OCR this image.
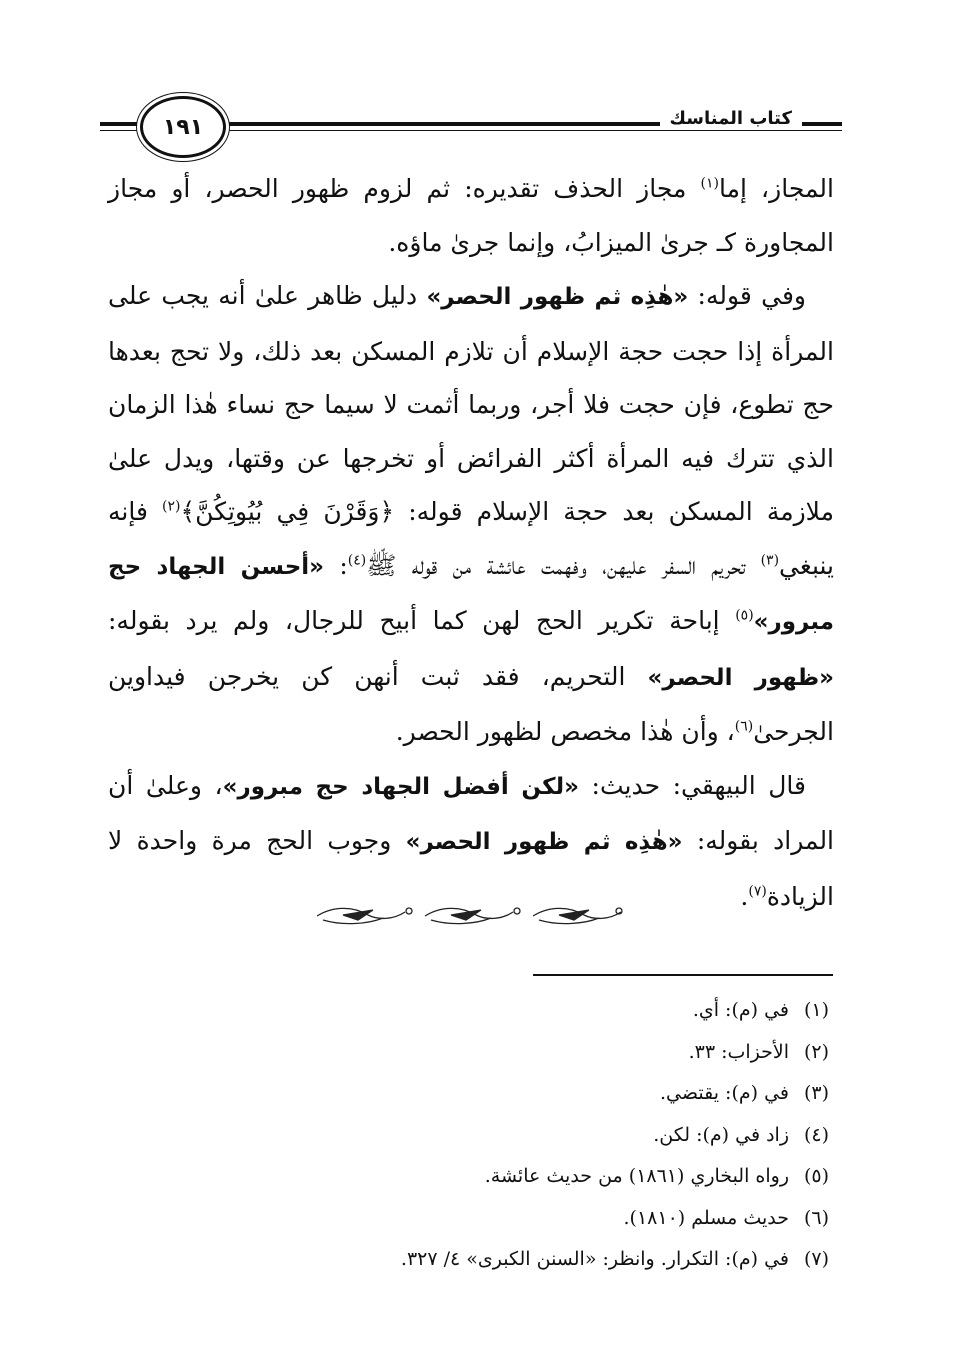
كتاب المناسك
١٩١

المجاز، إما$^{(١)}$ مجاز الحذف تقديره: ثم لزوم ظهور الحصر، أو مجاز المجاورة كـ جرىٰ الميزابُ، وإنما جرىٰ ماؤه.

وفي قوله: «هٰذِه ثم ظهور الحصر» دليل ظاهر علىٰ أنه يجب على المرأة إذا حجت حجة الإسلام أن تلازم المسكن بعد ذلك، ولا تحج بعدها حج تطوع، فإن حجت فلا أجر، وربما أثمت لا سيما حج نساء هٰذا الزمان الذي تترك فيه المرأة أكثر الفرائض أو تخرجها عن وقتها، ويدل علىٰ ملازمة المسكن بعد حجة الإسلام قوله: ﴿وَقَرْنَ فِي بُيُوتِكُنَّ﴾$^{(٢)}$ فإنه ينبغي$^{(٣)}$ تحريم السفر عليهن، وفهمت عائشة من قوله ﷺ$^{(٤)}$: «أحسن الجهاد حج مبرور»$^{(٥)}$ إباحة تكرير الحج لهن كما أبيح للرجال، ولم يرد بقوله: «ظهور الحصر» التحريم، فقد ثبت أنهن كن يخرجن فيداوين الجرحىٰ$^{(٦)}$، وأن هٰذا مخصص لظهور الحصر.

قال البيهقي: حديث: «لكن أفضل الجهاد حج مبرور»، وعلىٰ أن المراد بقوله: «هٰذِه ثم ظهور الحصر» وجوب الحج مرة واحدة لا الزيادة$^{(٧)}$.

(١)
في (م): أي.
(٢)
الأحزاب: ٣٣.
(٣)
في (م): يقتضي.
(٤)
زاد في (م): لكن.
(٥)
رواه البخاري (١٨٦١) من حديث عائشة.
(٦)
حديث مسلم (١٨١٠).
(٧)
في (م): التكرار. وانظر: «السنن الكبرى» ٤/ ٣٢٧.
